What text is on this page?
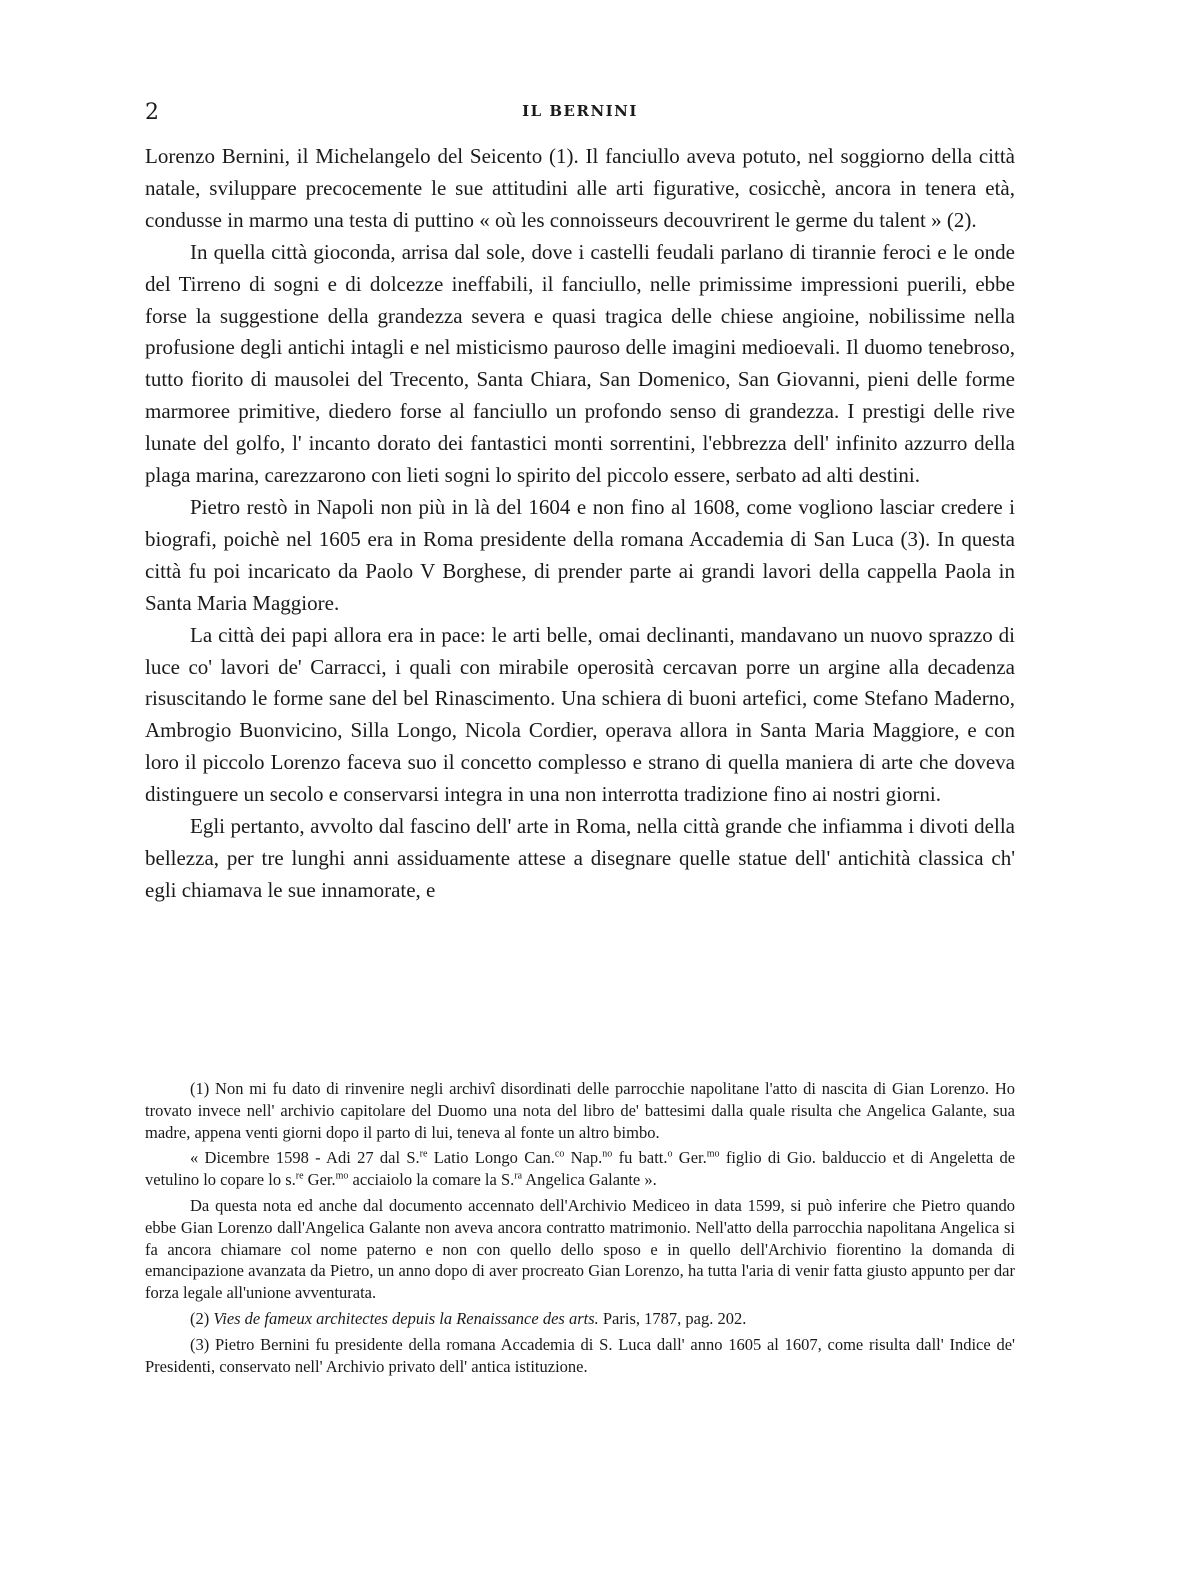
2	IL BERNINI

Lorenzo Bernini, il Michelangelo del Seicento (1). Il fanciullo aveva potuto, nel soggiorno della città natale, sviluppare precocemente le sue attitudini alle arti figurative, cosicchè, ancora in tenera età, condusse in marmo una testa di puttino « où les connoisseurs decouvrirent le germe du talent » (2).

In quella città gioconda, arrisa dal sole, dove i castelli feudali parlano di tirannie feroci e le onde del Tirreno di sogni e di dolcezze ineffabili, il fanciullo, nelle primissime impressioni puerili, ebbe forse la suggestione della grandezza severa e quasi tragica delle chiese angioine, nobilissime nella profusione degli antichi intagli e nel misticismo pauroso delle imagini medioevali. Il duomo tenebroso, tutto fiorito di mausolei del Trecento, Santa Chiara, San Domenico, San Giovanni, pieni delle forme marmoree primitive, diedero forse al fanciullo un profondo senso di grandezza. I prestigi delle rive lunate del golfo, l' incanto dorato dei fantastici monti sorrentini, l'ebbrezza dell' infinito azzurro della plaga marina, carezzarono con lieti sogni lo spirito del piccolo essere, serbato ad alti destini.

Pietro restò in Napoli non più in là del 1604 e non fino al 1608, come vogliono lasciar credere i biografi, poichè nel 1605 era in Roma presidente della romana Accademia di San Luca (3). In questa città fu poi incaricato da Paolo V Borghese, di prender parte ai grandi lavori della cappella Paola in Santa Maria Maggiore.

La città dei papi allora era in pace: le arti belle, omai declinanti, mandavano un nuovo sprazzo di luce co' lavori de' Carracci, i quali con mirabile operosità cercavan porre un argine alla decadenza risuscitando le forme sane del bel Rinascimento. Una schiera di buoni artefici, come Stefano Maderno, Ambrogio Buonvicino, Silla Longo, Nicola Cordier, operava allora in Santa Maria Maggiore, e con loro il piccolo Lorenzo faceva suo il concetto complesso e strano di quella maniera di arte che doveva distinguere un secolo e conservarsi integra in una non interrotta tradizione fino ai nostri giorni.

Egli pertanto, avvolto dal fascino dell' arte in Roma, nella città grande che infiamma i divoti della bellezza, per tre lunghi anni assiduamente attese a disegnare quelle statue dell' antichità classica ch' egli chiamava le sue innamorate, e

(1) Non mi fu dato di rinvenire negli archivî disordinati delle parrocchie napolitane l'atto di nascita di Gian Lorenzo. Ho trovato invece nell' archivio capitolare del Duomo una nota del libro de' battesimi dalla quale risulta che Angelica Galante, sua madre, appena venti giorni dopo il parto di lui, teneva al fonte un altro bimbo.

« Dicembre 1598 - Adi 27 dal S.$^{re}$ Latio Longo Can.$^{co}$ Nap.$^{no}$ fu batt.$^o$ Ger.$^{mo}$ figlio di Gio. balduccio et di Angeletta de vetulino lo copare lo s.$^{re}$ Ger.$^{mo}$ acciaiolo la comare la S.$^{ra}$ Angelica Galante ».

Da questa nota ed anche dal documento accennato dell'Archivio Mediceo in data 1599, si può inferire che Pietro quando ebbe Gian Lorenzo dall'Angelica Galante non aveva ancora contratto matrimonio. Nell'atto della parrocchia napolitana Angelica si fa ancora chiamare col nome paterno e non con quello dello sposo e in quello dell'Archivio fiorentino la domanda di emancipazione avanzata da Pietro, un anno dopo di aver procreato Gian Lorenzo, ha tutta l'aria di venir fatta giusto appunto per dar forza legale all'unione avventurata.

(2) Vies de fameux architectes depuis la Renaissance des arts. Paris, 1787, pag. 202.

(3) Pietro Bernini fu presidente della romana Accademia di S. Luca dall' anno 1605 al 1607, come risulta dall' Indice de' Presidenti, conservato nell' Archivio privato dell' antica istituzione.
